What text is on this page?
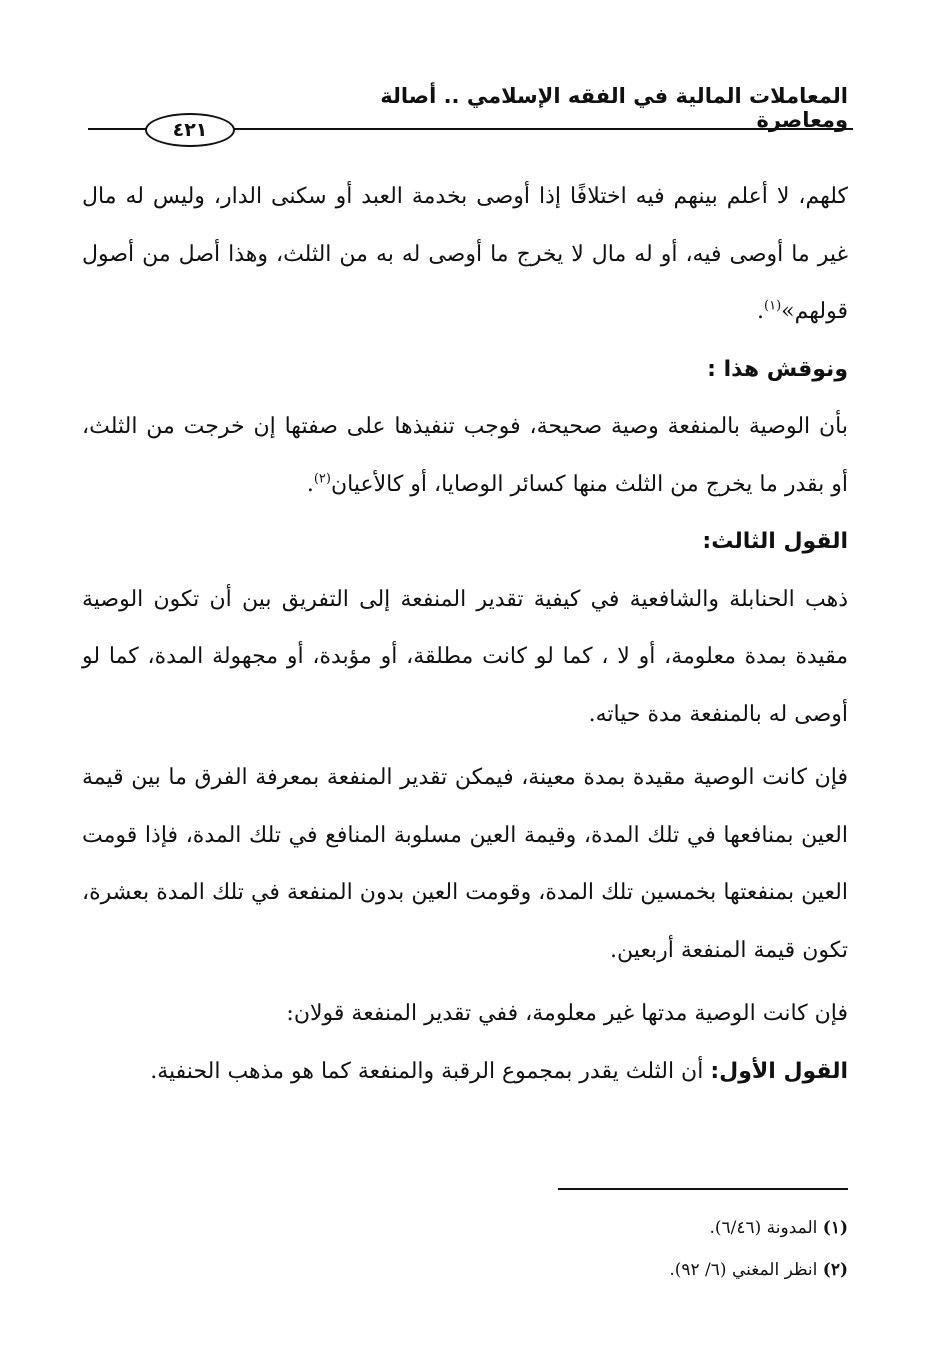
المعاملات المالية في الفقه الإسلامي .. أصالة ومعاصرة
٤٢١

كلهم، لا أعلم بينهم فيه اختلافًا إذا أوصى بخدمة العبد أو سكنى الدار، وليس له مال غير ما أوصى فيه، أو له مال لا يخرج ما أوصى له به من الثلث، وهذا أصل من أصول قولهم»$^{(١)}$.

ونوقش هذا :

بأن الوصية بالمنفعة وصية صحيحة، فوجب تنفيذها على صفتها إن خرجت من الثلث، أو بقدر ما يخرج من الثلث منها كسائر الوصايا، أو كالأعيان$^{(٢)}$.

القول الثالث:

ذهب الحنابلة والشافعية في كيفية تقدير المنفعة إلى التفريق بين أن تكون الوصية مقيدة بمدة معلومة، أو لا ، كما لو كانت مطلقة، أو مؤبدة، أو مجهولة المدة، كما لو أوصى له بالمنفعة مدة حياته.

فإن كانت الوصية مقيدة بمدة معينة، فيمكن تقدير المنفعة بمعرفة الفرق ما بين قيمة العين بمنافعها في تلك المدة، وقيمة العين مسلوبة المنافع في تلك المدة، فإذا قومت العين بمنفعتها بخمسين تلك المدة، وقومت العين بدون المنفعة في تلك المدة بعشرة، تكون قيمة المنفعة أربعين.

فإن كانت الوصية مدتها غير معلومة، ففي تقدير المنفعة قولان:

القول الأول: أن الثلث يقدر بمجموع الرقبة والمنفعة كما هو مذهب الحنفية.

(١) المدونة (٦/٤٦).

(٢) انظر المغني (٦/ ٩٢).
